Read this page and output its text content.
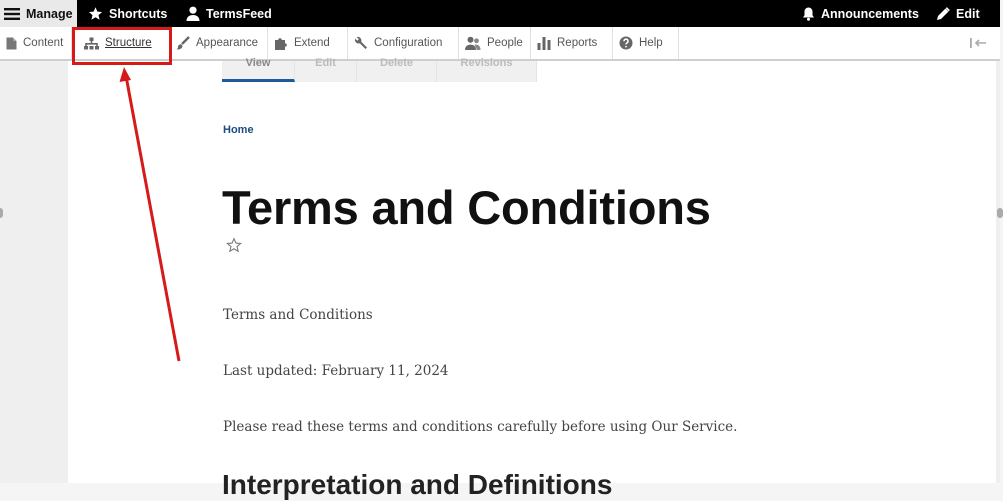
Manage	Shortcuts	TermsFeed	Announcements	Edit
Content	Structure	Appearance	Extend	Configuration	People	Reports	Help
View	Edit	Delete	Revisions
Home
Terms and Conditions

Terms and Conditions

Last updated: February 11, 2024

Please read these terms and conditions carefully before using Our Service.

Interpretation and Definitions
